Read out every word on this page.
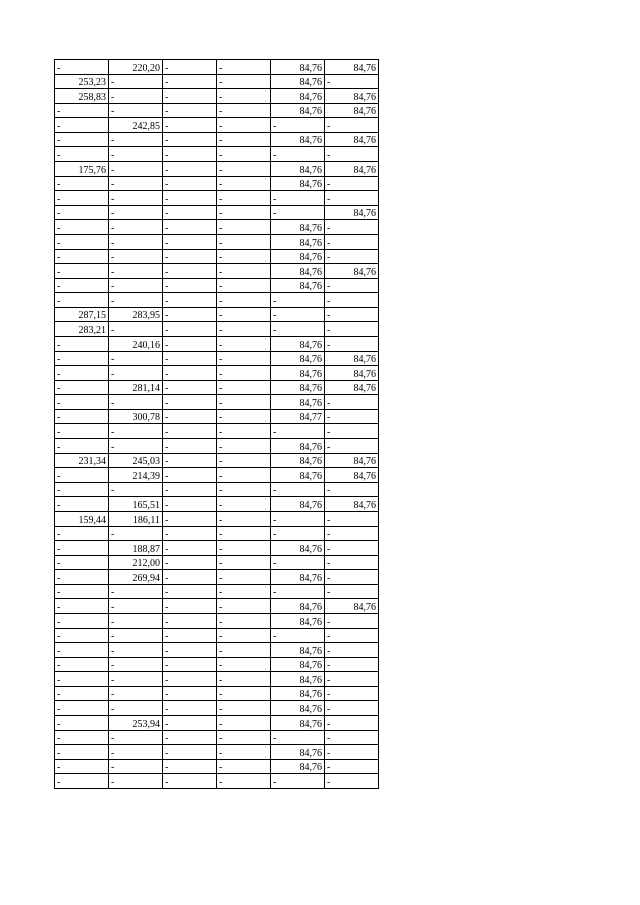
-	220,20	-	-	84,76	84,76
253,23	-	-	-	84,76	-
258,83	-	-	-	84,76	84,76
-	-	-	-	84,76	84,76
-	242,85	-	-	-	-
-	-	-	-	84,76	84,76
-	-	-	-	-	-
175,76	-	-	-	84,76	84,76
-	-	-	-	84,76	-
-	-	-	-	-	-
-	-	-	-	-	84,76
-	-	-	-	84,76	-
-	-	-	-	84,76	-
-	-	-	-	84,76	-
-	-	-	-	84,76	84,76
-	-	-	-	84,76	-
-	-	-	-	-	-
287,15	283,95	-	-	-	-
283,21	-	-	-	-	-
-	240,16	-	-	84,76	-
-	-	-	-	84,76	84,76
-	-	-	-	84,76	84,76
-	281,14	-	-	84,76	84,76
-	-	-	-	84,76	-
-	300,78	-	-	84,77	-
-	-	-	-	-	-
-	-	-	-	84,76	-
231,34	245,03	-	-	84,76	84,76
-	214,39	-	-	84,76	84,76
-	-	-	-	-	-
-	165,51	-	-	84,76	84,76
159,44	186,11	-	-	-	-
-	-	-	-	-	-
-	188,87	-	-	84,76	-
-	212,00	-	-	-	-
-	269,94	-	-	84,76	-
-	-	-	-	-	-
-	-	-	-	84,76	84,76
-	-	-	-	84,76	-
-	-	-	-	-	-
-	-	-	-	84,76	-
-	-	-	-	84,76	-
-	-	-	-	84,76	-
-	-	-	-	84,76	-
-	-	-	-	84,76	-
-	253,94	-	-	84,76	-
-	-	-	-	-	-
-	-	-	-	84,76	-
-	-	-	-	84,76	-
-	-	-	-	-	-
